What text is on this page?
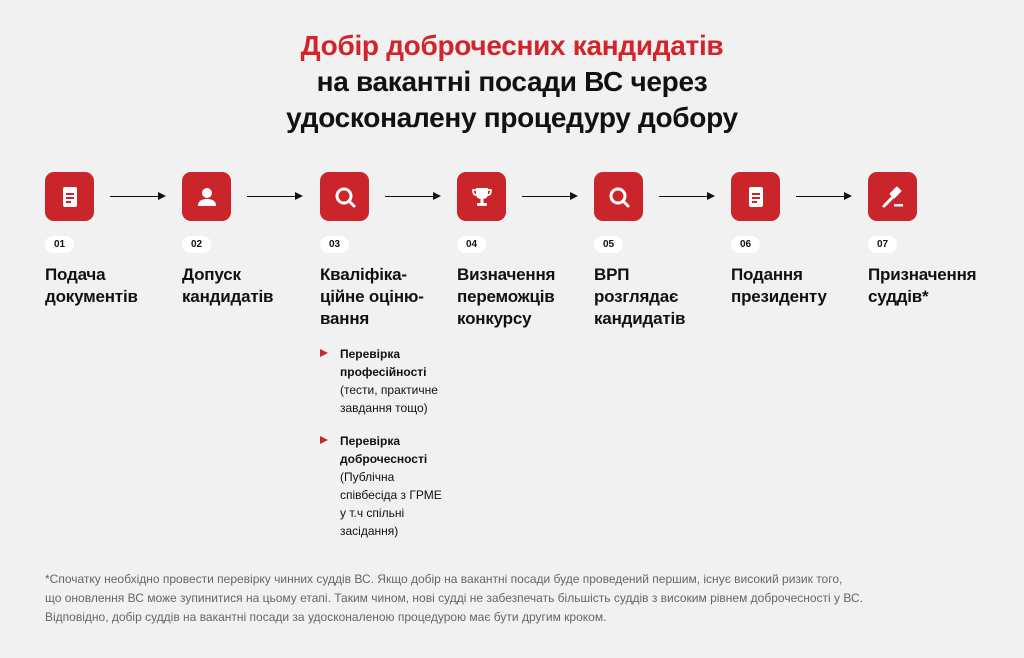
Добір доброчесних кандидатів
на вакантні посади ВС через
удосконалену процедуру добору
01
Подача
документів
02
Допуск
кандидатів
03
Кваліфіка-
ційне оціню-
вання
04
Визначення
переможців
конкурсу
05
ВРП
розглядає
кандидатів
06
Подання
президенту
07
Призначення
суддів*
Перевірка
професійності
(тести, практичне
завдання тощо)
Перевірка
доброчесності
(Публічна
співбесіда з ГРМЕ
у т.ч спільні
засідання)
*Спочатку необхідно провести перевірку чинних суддів ВС. Якщо добір на вакантні посади буде проведений першим, існує високий ризик того,
що оновлення ВС може зупинитися на цьому етапі. Таким чином, нові судді не забезпечать більшість суддів з високим рівнем доброчесності у ВС.
Відповідно, добір суддів на вакантні посади за удосконаленою процедурою має бути другим кроком.
